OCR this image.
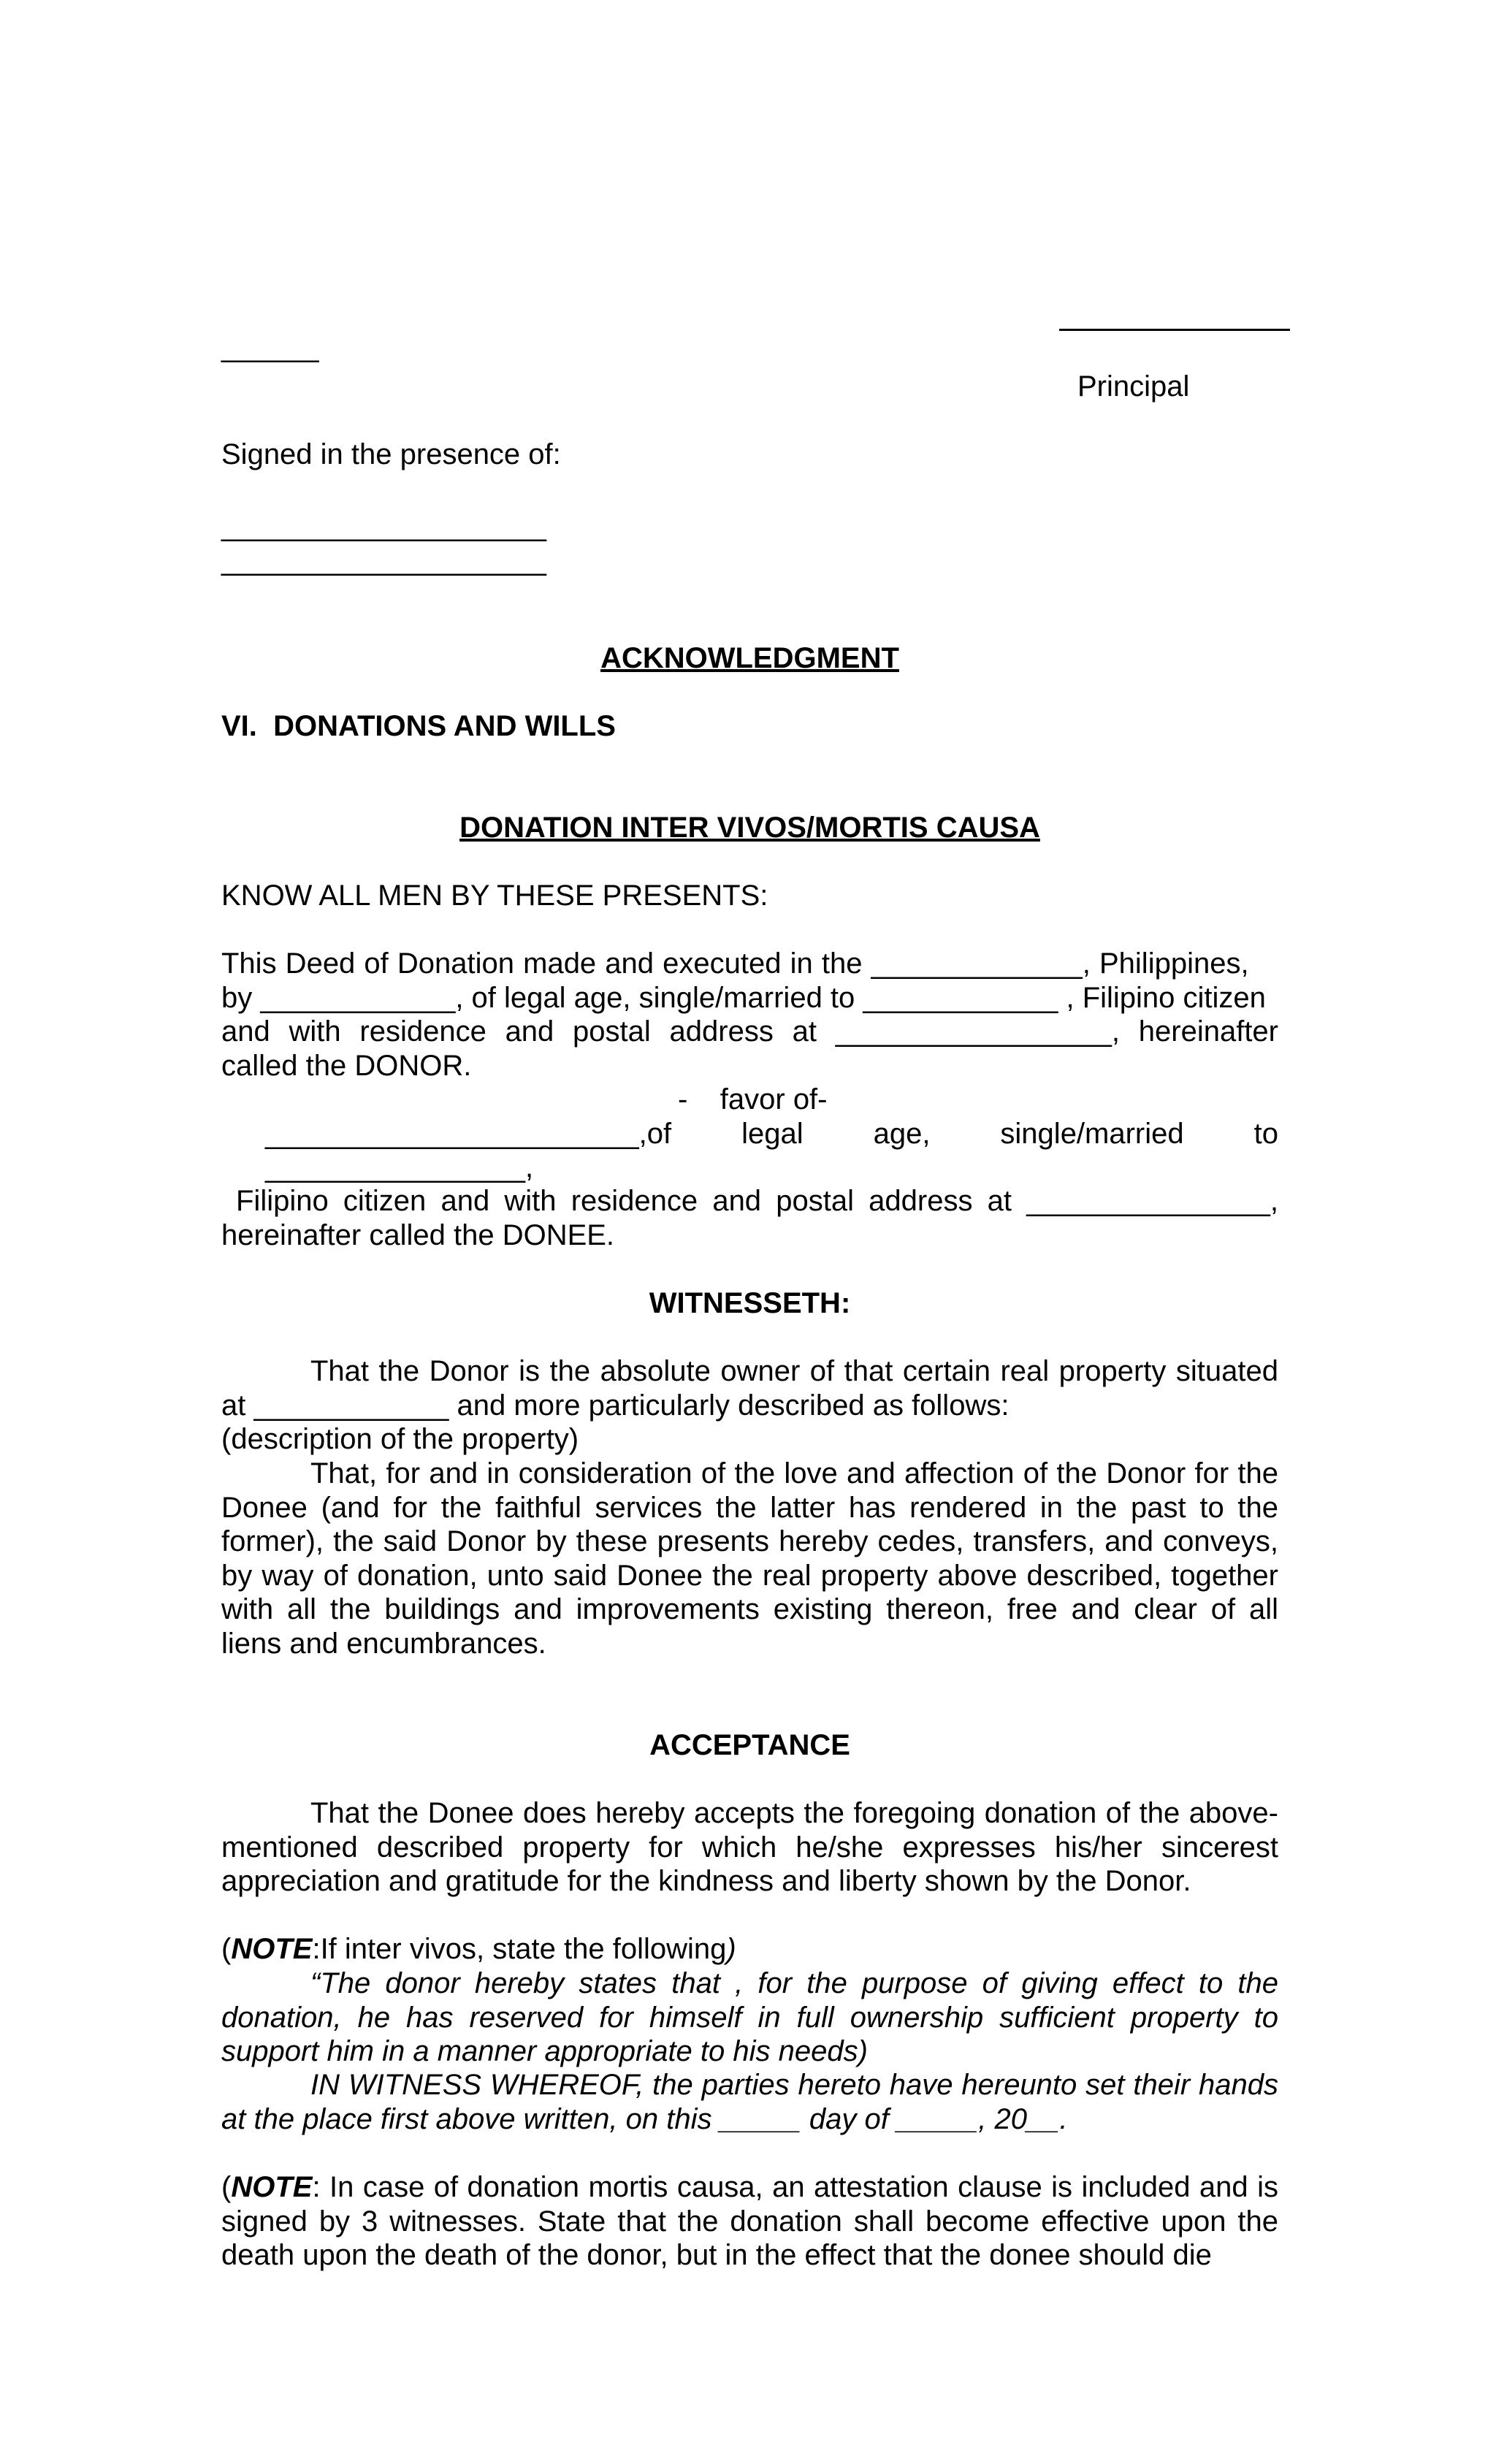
______
Principal
Signed in the presence of:
____________________
____________________
ACKNOWLEDGMENT
VI.  DONATIONS AND WILLS
DONATION INTER VIVOS/MORTIS CAUSA
KNOW ALL MEN BY THESE PRESENTS:
This Deed of Donation made and executed in the _____________, Philippines,
by ____________, of legal age, single/married to ____________ , Filipino citizen
and with residence and postal address at _________________, hereinafter
called the DONOR.
-    favor of-
_______________________,of legal age, single/married to
________________,
Filipino citizen and with residence and postal address at _______________,
hereinafter called the DONEE.
WITNESSETH:

That the Donor is the absolute owner of that certain real property situated at ____________ and more particularly described as follows:

(description of the property)

That, for and in consideration of the love and affection of the Donor for the Donee (and for the faithful services the latter has rendered in the past to the former), the said Donor by these presents hereby cedes, transfers, and conveys, by way of donation, unto said Donee the real property above described, together with all the buildings and improvements existing thereon, free and clear of all liens and encumbrances.

ACCEPTANCE

That the Donee does hereby accepts the foregoing donation of the above-mentioned described property for which he/she expresses his/her sincerest appreciation and gratitude for the kindness and liberty shown by the Donor.

(NOTE:If inter vivos, state the following)

“The donor hereby states that , for the purpose of giving effect to the donation, he has reserved for himself in full ownership sufficient property to support him in a manner appropriate to his needs)

IN WITNESS WHEREOF, the parties hereto have hereunto set their hands at the place first above written, on this _____ day of _____, 20__.

(NOTE: In case of donation mortis causa, an attestation clause is included and is signed by 3 witnesses. State that the donation shall become effective upon the death upon the death of the donor, but in the effect that the donee should die
